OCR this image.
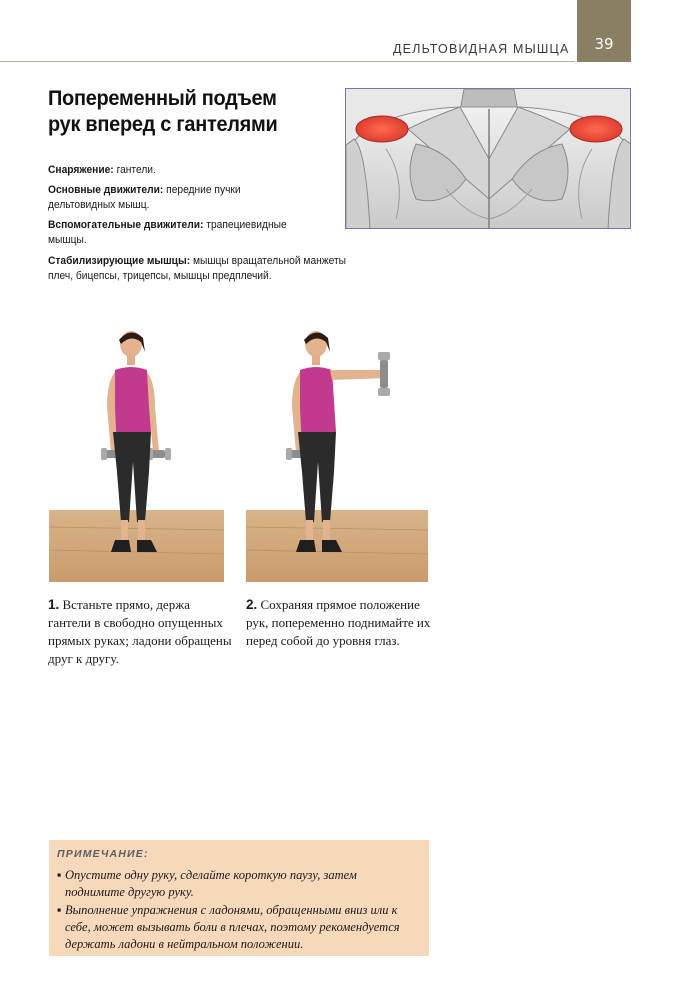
ДЕЛЬТОВИДНАЯ МЫШЦА	39
Попеременный подъем
рук вперед с гантелями

Снаряжение: гантели.

Основные движители: передние пучки дельтовидных мышц.

Вспомогательные движители: трапециевидные мышцы.

Стабилизирующие мышцы: мышцы вращательной манжеты плеч, бицепсы, трицепсы, мышцы предплечий.

1. Встаньте прямо, держа гантели в свободно опущенных прямых руках; ладони обращены друг к другу.

2. Сохраняя прямое положение рук, попеременно поднимайте их перед собой до уровня глаз.

ПРИМЕЧАНИЕ:
▪ Опустите одну руку, сделайте короткую паузу, затем поднимите другую руку.
▪ Выполнение упражнения с ладонями, обращенными вниз или к себе, может вызывать боли в плечах, поэтому рекомендуется держать ладони в нейтральном положении.
